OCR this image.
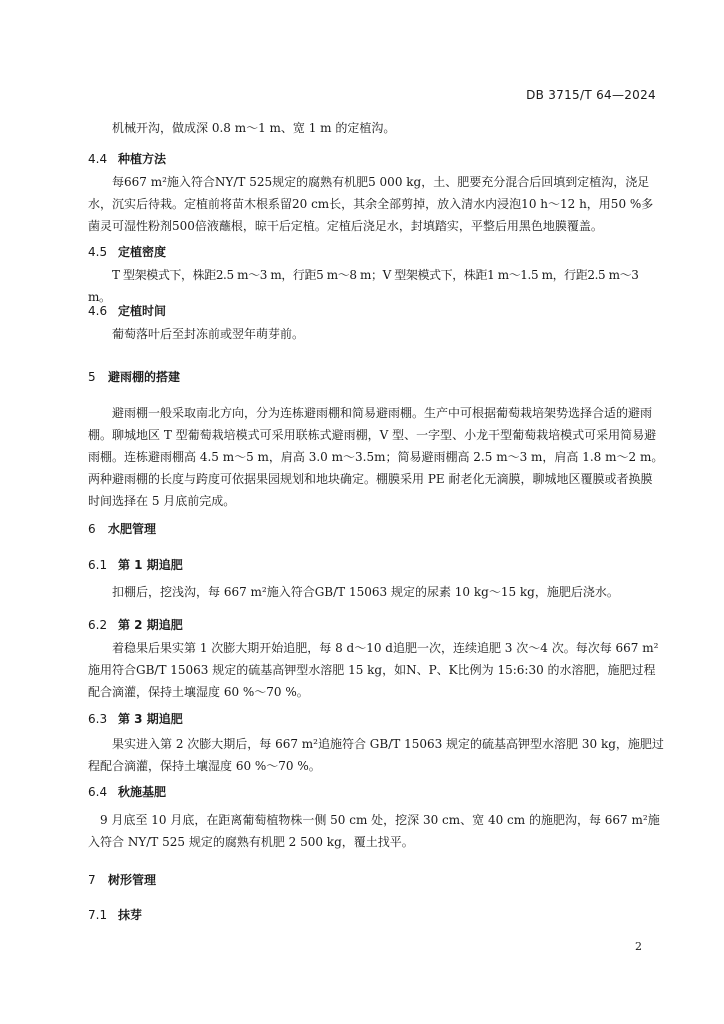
DB 3715/T 64—2024

机械开沟，做成深 0.8 m～1 m、宽 1 m 的定植沟。

4.4 种植方法

每667 m²施入符合NY/T 525规定的腐熟有机肥5 000 kg，土、肥要充分混合后回填到定植沟，浇足水，沉实后待栽。定植前将苗木根系留20 cm长，其余全部剪掉，放入清水内浸泡10 h～12 h，用50 %多菌灵可湿性粉剂500倍液蘸根，晾干后定植。定植后浇足水，封填踏实，平整后用黑色地膜覆盖。

4.5 定植密度

T 型架模式下，株距2.5 m～3 m，行距5 m～8 m；V 型架模式下，株距1 m～1.5 m，行距2.5 m～3 m。

4.6 定植时间

葡萄落叶后至封冻前或翌年萌芽前。

5 避雨棚的搭建

避雨棚一般采取南北方向，分为连栋避雨棚和简易避雨棚。生产中可根据葡萄栽培架势选择合适的避雨棚。聊城地区 T 型葡萄栽培模式可采用联栋式避雨棚，V 型、一字型、小龙干型葡萄栽培模式可采用简易避雨棚。连栋避雨棚高 4.5 m～5 m，肩高 3.0 m～3.5m；简易避雨棚高 2.5 m～3 m，肩高 1.8 m～2 m。两种避雨棚的长度与跨度可依据果园规划和地块确定。棚膜采用 PE 耐老化无滴膜，聊城地区覆膜或者换膜时间选择在 5 月底前完成。

6 水肥管理
6.1 第 1 期追肥

扣棚后，挖浅沟，每 667 m²施入符合GB/T 15063 规定的尿素 10 kg～15 kg，施肥后浇水。

6.2 第 2 期追肥

着稳果后果实第 1 次膨大期开始追肥，每 8 d～10 d追肥一次，连续追肥 3 次～4 次。每次每 667 m²施用符合GB/T 15063 规定的硫基高钾型水溶肥 15 kg，如N、P、K比例为 15:6:30 的水溶肥，施肥过程配合滴灌，保持土壤湿度 60 %～70 %。

6.3 第 3 期追肥

果实进入第 2 次膨大期后，每 667 m²追施符合 GB/T 15063 规定的硫基高钾型水溶肥 30 kg，施肥过程配合滴灌，保持土壤湿度 60 %～70 %。

6.4 秋施基肥

9 月底至 10 月底，在距离葡萄植物株一侧 50 cm 处，挖深 30 cm、宽 40 cm 的施肥沟，每 667 m²施入符合 NY/T 525 规定的腐熟有机肥 2 500 kg，覆土找平。

7 树形管理
7.1 抹芽
2
